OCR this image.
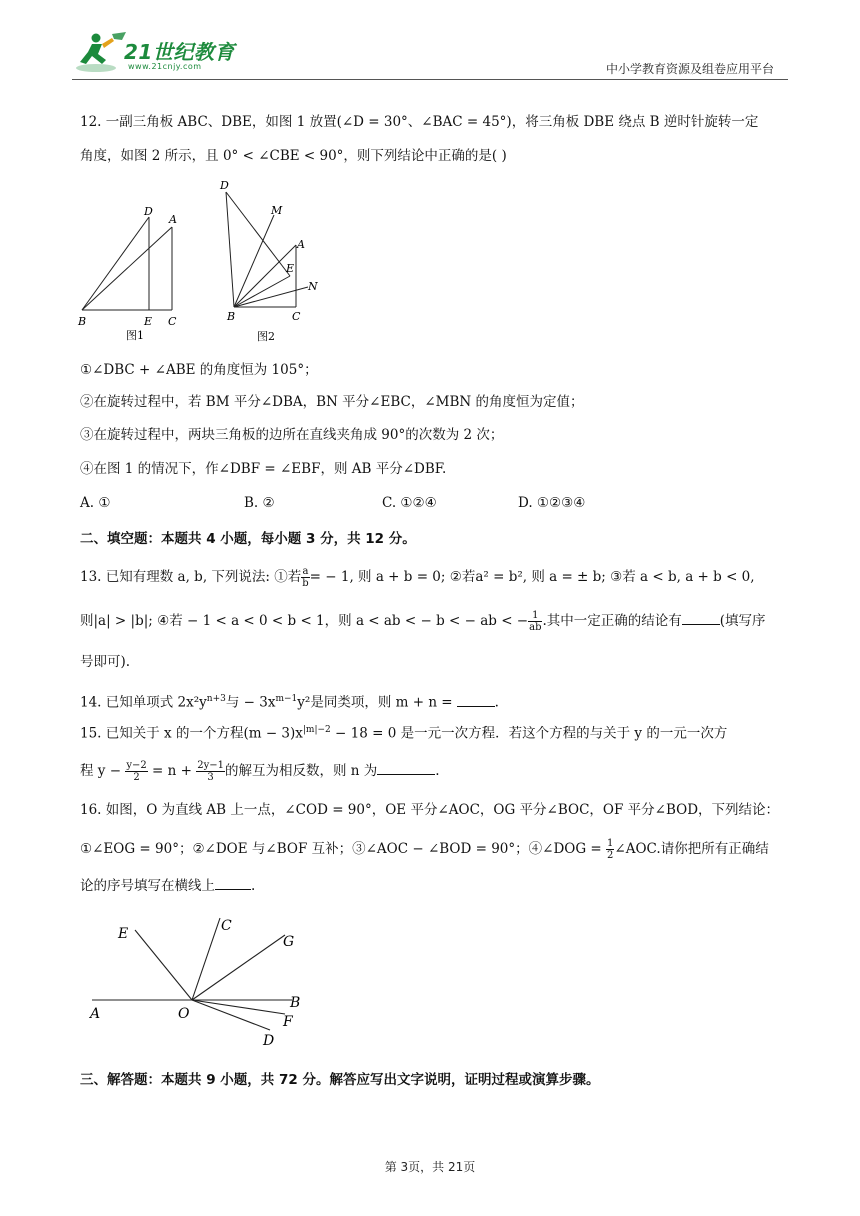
21世纪教育
www.21cnjy.com	中小学教育资源及组卷应用平台
12. 一副三角板 ABC、DBE，如图 1 放置(∠D = 30°、∠BAC = 45°)，将三角板 DBE 绕点 B 逆时针旋转一定
角度，如图 2 所示，且 0° < ∠CBE < 90°，则下列结论中正确的是( )
D
A
B	E C
图1
D
M
A
E
N
B	C
图2
①∠DBC + ∠ABE 的角度恒为 105°；
②在旋转过程中，若 BM 平分∠DBA，BN 平分∠EBC，∠MBN 的角度恒为定值；
③在旋转过程中，两块三角板的边所在直线夹角成 90°的次数为 2 次；
④在图 1 的情况下，作∠DBF = ∠EBF，则 AB 平分∠DBF.
A. ①	B. ②	C. ①②④	D. ①②③④
二、填空题：本题共 4 小题，每小题 3 分，共 12 分。
13. 已知有理数 a, b, 下列说法: ①若 $\frac{a}{b}$ = − 1, 则 a + b = 0; ②若a² = b², 则 a = ± b; ③若 a < b, a + b < 0,
则|a| > |b|; ④若 − 1 < a < 0 < b < 1，则 a < ab < − b < − ab < − $\frac{1}{ab}$ .其中一定正确的结论有	(填写序
号即可).
14. 已知单项式 $2x^2y^{n+3}$与 − $3x^{m-1}y^2$是同类项，则 m + n =	.
15. 已知关于 x 的一个方程$(m - 3)x^{|m|-2} - 18 = 0$ 是一元一次方程．若这个方程的与关于 y 的一元一次方
程 $y - \frac{y-2}{2} = n + \frac{2y-1}{3}$ 的解互为相反数，则 n 为	.
16. 如图，O 为直线 AB 上一点，∠COD = 90°，OE 平分∠AOC，OG 平分∠BOC，OF 平分∠BOD，下列结论：
①∠EOG = 90°；②∠DOE 与∠BOF 互补；③∠AOC − ∠BOD = 90°；④∠DOG = $\frac{1}{2}$ ∠AOC.请你把所有正确结
论的序号填写在横线上	.
E	C
G
A	O
B
F
D
三、解答题：本题共 9 小题，共 72 分。解答应写出文字说明，证明过程或演算步骤。
第 3页，共 21页
